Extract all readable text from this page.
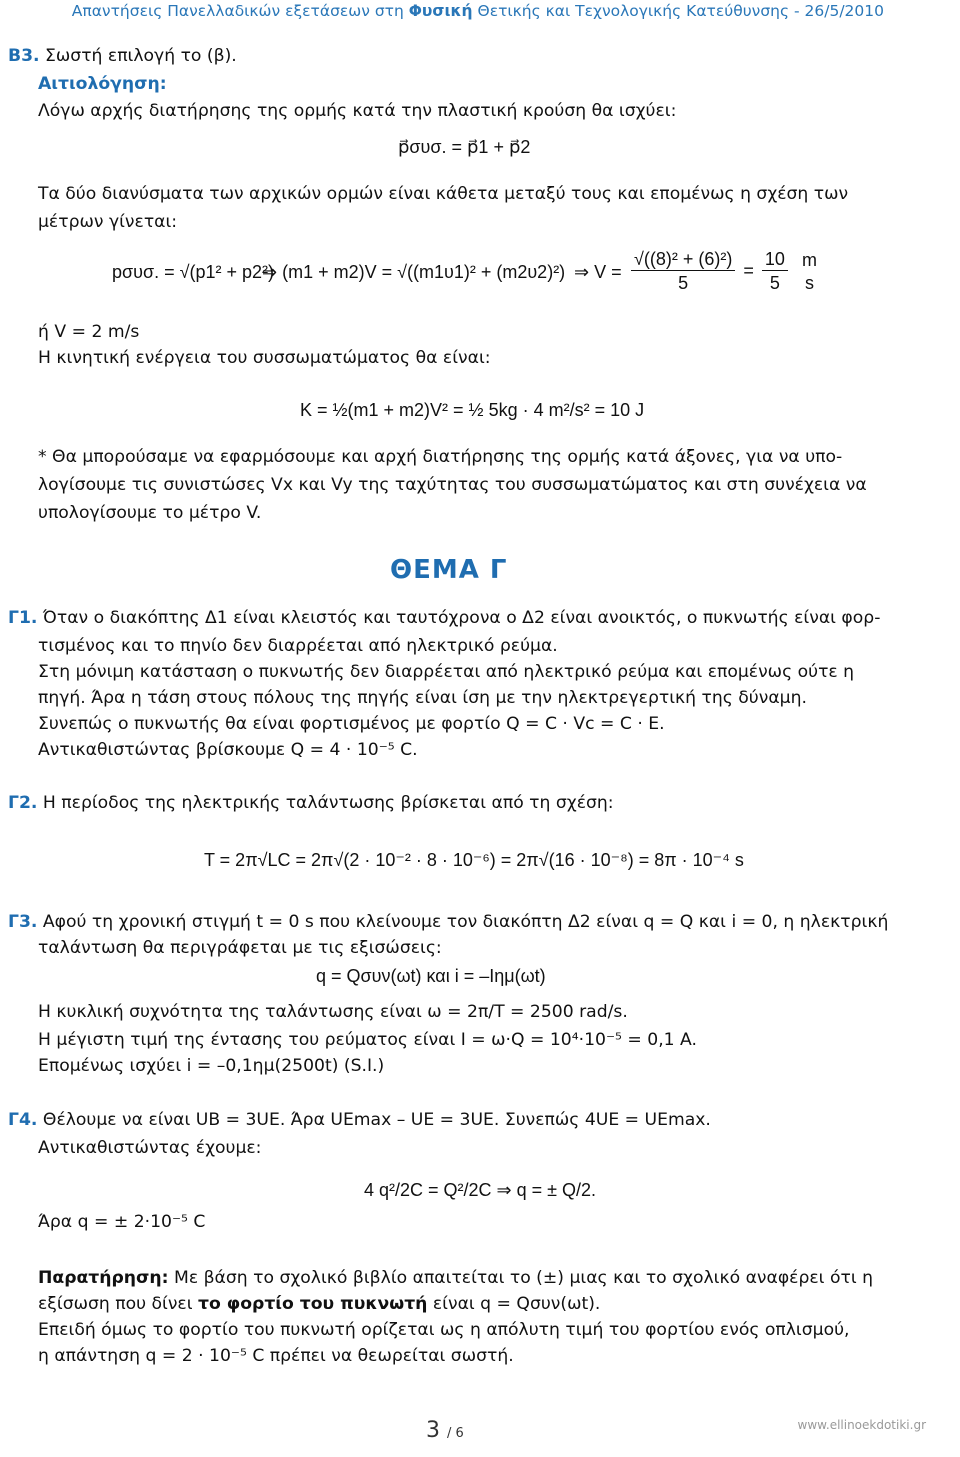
Απαντήσεις Πανελλαδικών εξετάσεων στη Φυσική Θετικής και Τεχνολογικής Κατεύθυνσης - 26/5/2010
Β3. Σωστή επιλογή το (β).
Αιτιολόγηση:
Λόγω αρχής διατήρησης της ορμής κατά την πλαστική κρούση θα ισχύει:
p⃗συσ. = p⃗1 + p⃗2
Τα δύο διανύσματα των αρχικών ορμών είναι κάθετα μεταξύ τους και επομένως η σχέση των
μέτρων γίνεται:
pσυσ. = √(p1² + p2²)
⇒ (m1 + m2)V = √((m1υ1)² + (m2υ2)²) ⇒ $V = \frac{\text{√((8)² + (6)²)}}{5} = \frac{10}{5}$
m
s
ή V = 2 m/s
Η κινητική ενέργεια του συσσωματώματος θα είναι:
K = ½(m1 + m2)V² = ½ 5kg · 4 m²/s² = 10 J
* Θα μπορούσαμε να εφαρμόσουμε και αρχή διατήρησης της ορμής κατά άξονες, για να υπο-
λογίσουμε τις συνιστώσες Vx και Vy της ταχύτητας του συσσωματώματος και στη συνέχεια να
υπολογίσουμε το μέτρο V.
ΘΕΜΑ Γ
Γ1. Όταν ο διακόπτης Δ1 είναι κλειστός και ταυτόχρονα ο Δ2 είναι ανοικτός, ο πυκνωτής είναι φορ-
τισμένος και το πηνίο δεν διαρρέεται από ηλεκτρικό ρεύμα.
Στη μόνιμη κατάσταση ο πυκνωτής δεν διαρρέεται από ηλεκτρικό ρεύμα και επομένως ούτε η
πηγή. Άρα η τάση στους πόλους της πηγής είναι ίση με την ηλεκτρεγερτική της δύναμη.
Συνεπώς ο πυκνωτής θα είναι φορτισμένος με φορτίο Q = C · Vc = C · E.
Αντικαθιστώντας βρίσκουμε Q = 4 · 10⁻⁵ C.
Γ2. Η περίοδος της ηλεκτρικής ταλάντωσης βρίσκεται από τη σχέση:
T = 2π√LC = 2π√(2 · 10⁻² · 8 · 10⁻⁶) = 2π√(16 · 10⁻⁸) = 8π · 10⁻⁴ s
Γ3. Αφού τη χρονική στιγμή t = 0 s που κλείνουμε τον διακόπτη Δ2 είναι q = Q και i = 0, η ηλεκτρική
ταλάντωση θα περιγράφεται με τις εξισώσεις:
q = Qσυν(ωt) και i = –Iημ(ωt)
Η κυκλική συχνότητα της ταλάντωσης είναι ω = 2π/T = 2500 rad/s.
Η μέγιστη τιμή της έντασης του ρεύματος είναι I = ω·Q = 10⁴·10⁻⁵ = 0,1 A.
Επομένως ισχύει i = –0,1ημ(2500t) (S.I.)
Γ4. Θέλουμε να είναι UB = 3UE. Άρα UEmax – UE = 3UE. Συνεπώς 4UE = UEmax.
Αντικαθιστώντας έχουμε:
4 q²/2C = Q²/2C ⇒ q = ± Q/2.
Άρα q = ± 2·10⁻⁵ C
Παρατήρηση: Με βάση το σχολικό βιβλίο απαιτείται το (±) μιας και το σχολικό αναφέρει ότι η
εξίσωση που δίνει το φορτίο του πυκνωτή είναι q = Qσυν(ωt).
Επειδή όμως το φορτίο του πυκνωτή ορίζεται ως η απόλυτη τιμή του φορτίου ενός οπλισμού,
η απάντηση q = 2 · 10⁻⁵ C πρέπει να θεωρείται σωστή.
3 / 6
www.ellinoekdotiki.gr
